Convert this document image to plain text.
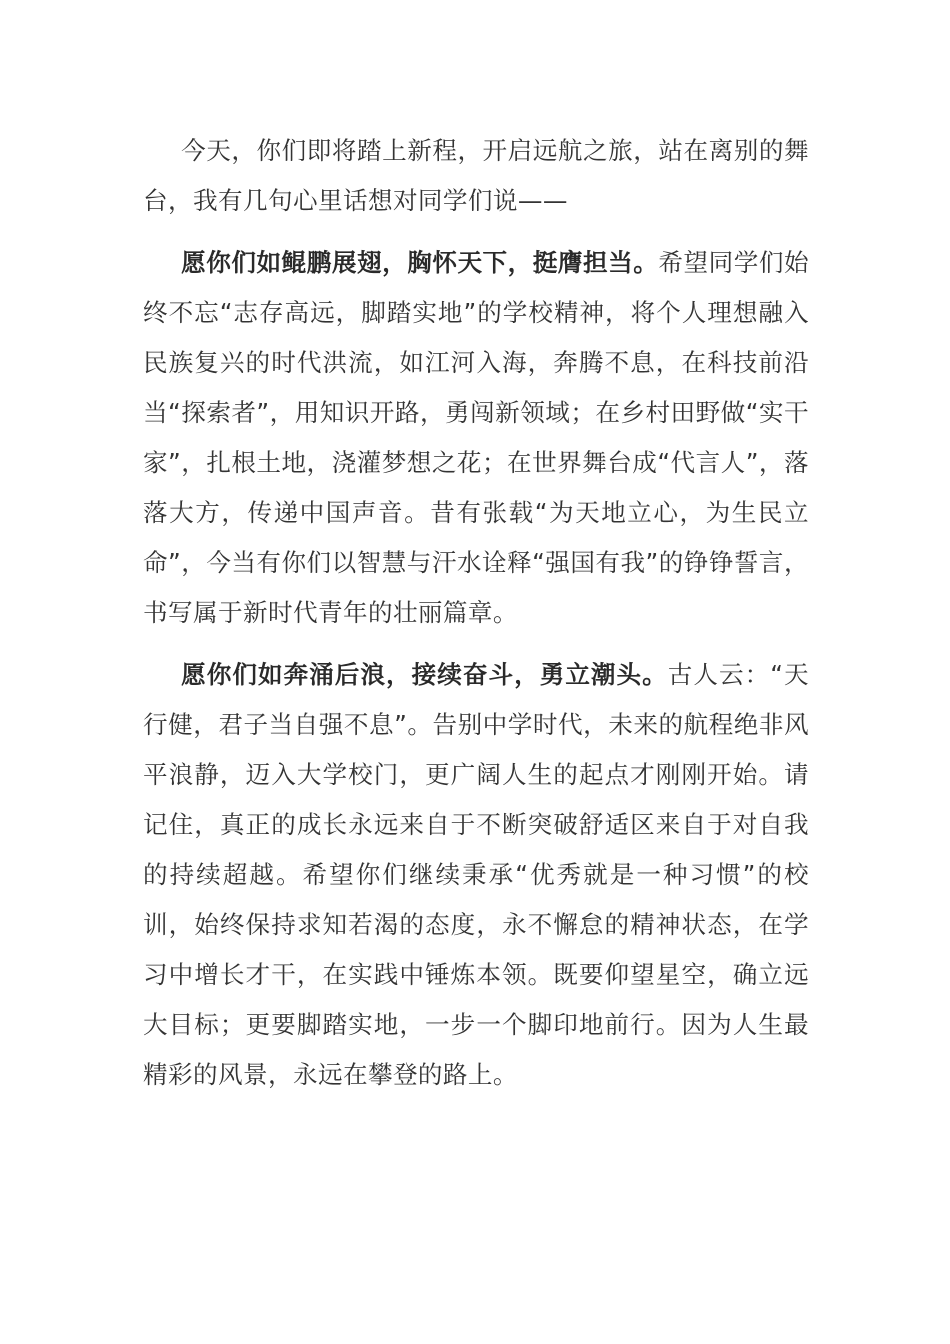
今天，你们即将踏上新程，开启远航之旅，站在离别的舞台，我有几句心里话想对同学们说——

愿你们如鲲鹏展翅，胸怀天下，挺膺担当。希望同学们始终不忘“志存高远，脚踏实地”的学校精神，将个人理想融入民族复兴的时代洪流，如江河入海，奔腾不息，在科技前沿当“探索者”，用知识开路，勇闯新领域；在乡村田野做“实干家”，扎根土地，浇灌梦想之花；在世界舞台成“代言人”，落落大方，传递中国声音。昔有张载“为天地立心，为生民立命”，今当有你们以智慧与汗水诠释“强国有我”的铮铮誓言，书写属于新时代青年的壮丽篇章。

愿你们如奔涌后浪，接续奋斗，勇立潮头。古人云：“天行健，君子当自强不息”。告别中学时代，未来的航程绝非风平浪静，迈入大学校门，更广阔人生的起点才刚刚开始。请记住，真正的成长永远来自于不断突破舒适区来自于对自我的持续超越。希望你们继续秉承“优秀就是一种习惯”的校训，始终保持求知若渴的态度，永不懈怠的精神状态，在学习中增长才干，在实践中锤炼本领。既要仰望星空，确立远大目标；更要脚踏实地，一步一个脚印地前行。因为人生最精彩的风景，永远在攀登的路上。
